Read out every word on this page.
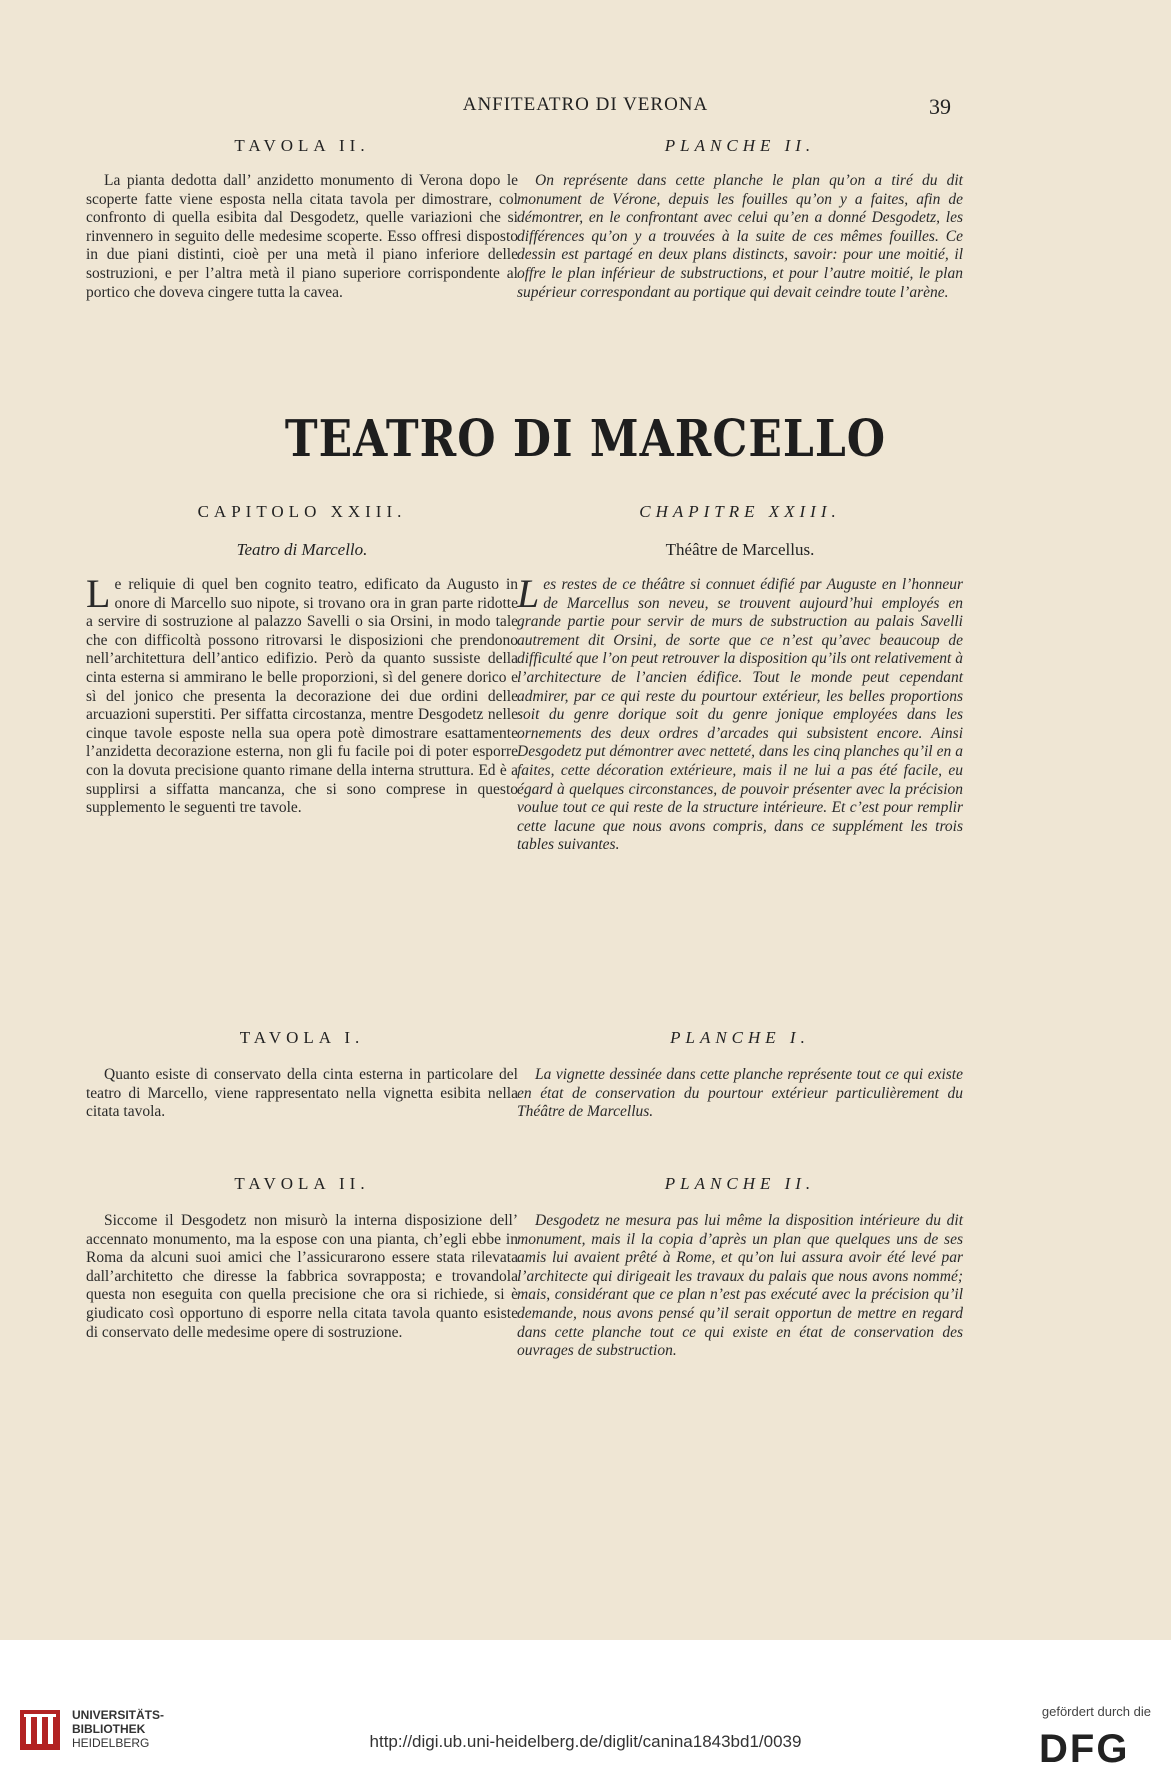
ANFITEATRO DI VERONA	39
TAVOLA II.

La pianta dedotta dall’ anzidetto monumento di Verona dopo le scoperte fatte viene esposta nella citata tavola per dimostrare, col confronto di quella esibita dal Desgodetz, quelle variazioni che si rinvennero in seguito delle medesime scoperte. Esso offresi disposto in due piani distinti, cioè per una metà il piano inferiore delle sostruzioni, e per l’altra metà il piano superiore corrispondente al portico che doveva cingere tutta la cavea.

PLANCHE II.

On représente dans cette planche le plan qu’on a tiré du dit monument de Vérone, depuis les fouilles qu’on y a faites, afin de démontrer, en le confrontant avec celui qu’en a donné Desgodetz, les différences qu’on y a trouvées à la suite de ces mêmes fouilles. Ce dessin est partagé en deux plans distincts, savoir: pour une moitié, il offre le plan inférieur de substructions, et pour l’autre moitié, le plan supérieur correspondant au portique qui devait ceindre toute l’arène.

TEATRO DI MARCELLO
CAPITOLO XXIII.
Teatro di Marcello.

Le reliquie di quel ben cognito teatro, edificato da Augusto in onore di Marcello suo nipote, si trovano ora in gran parte ridotte a servire di sostruzione al palazzo Savelli o sia Orsini, in modo tale che con difficoltà possono ritrovarsi le disposizioni che prendono nell’architettura dell’antico edifizio. Però da quanto sussiste della cinta esterna si ammirano le belle proporzioni, sì del genere dorico e sì del jonico che presenta la decorazione dei due ordini delle arcuazioni superstiti. Per siffatta circostanza, mentre Desgodetz nelle cinque tavole esposte nella sua opera potè dimostrare esattamente l’anzidetta decorazione esterna, non gli fu facile poi di poter esporre con la dovuta precisione quanto rimane della interna struttura. Ed è a supplirsi a siffatta mancanza, che si sono comprese in questo supplemento le seguenti tre tavole.

CHAPITRE XXIII.
Théâtre de Marcellus.

Les restes de ce théâtre si connuet édifié par Auguste en l’honneur de Marcellus son neveu, se trouvent aujourd’hui employés en grande partie pour servir de murs de substruction au palais Savelli autrement dit Orsini, de sorte que ce n’est qu’avec beaucoup de difficulté que l’on peut retrouver la disposition qu’ils ont relativement à l’architecture de l’ancien édifice. Tout le monde peut cependant admirer, par ce qui reste du pourtour extérieur, les belles proportions soit du genre dorique soit du genre jonique employées dans les ornements des deux ordres d’arcades qui subsistent encore. Ainsi Desgodetz put démontrer avec netteté, dans les cinq planches qu’il en a faites, cette décoration extérieure, mais il ne lui a pas été facile, eu égard à quelques circonstances, de pouvoir présenter avec la précision voulue tout ce qui reste de la structure intérieure. Et c’est pour remplir cette lacune que nous avons compris, dans ce supplément les trois tables suivantes.

TAVOLA I.

Quanto esiste di conservato della cinta esterna in particolare del teatro di Marcello, viene rappresentato nella vignetta esibita nella citata tavola.

PLANCHE I.

La vignette dessinée dans cette planche représente tout ce qui existe en état de conservation du pourtour extérieur particulièrement du Théâtre de Marcellus.

TAVOLA II.

Siccome il Desgodetz non misurò la interna disposizione dell’ accennato monumento, ma la espose con una pianta, ch’egli ebbe in Roma da alcuni suoi amici che l’assicurarono essere stata rilevata dall’architetto che diresse la fabbrica sovrapposta; e trovandola questa non eseguita con quella precisione che ora si richiede, si è giudicato così opportuno di esporre nella citata tavola quanto esiste di conservato delle medesime opere di sostruzione.

PLANCHE II.

Desgodetz ne mesura pas lui même la disposition intérieure du dit monument, mais il la copia d’après un plan que quelques uns de ses amis lui avaient prêté à Rome, et qu’on lui assura avoir été levé par l’architecte qui dirigeait les travaux du palais que nous avons nommé; mais, considérant que ce plan n’est pas exécuté avec la précision qu’il demande, nous avons pensé qu’il serait opportun de mettre en regard dans cette planche tout ce qui existe en état de conservation des ouvrages de substruction.

UNIVERSITÄTS-
BIBLIOTHEK
HEIDELBERG	http://digi.ub.uni-heidelberg.de/diglit/canina1843bd1/0039
gefördert durch die
DFG
